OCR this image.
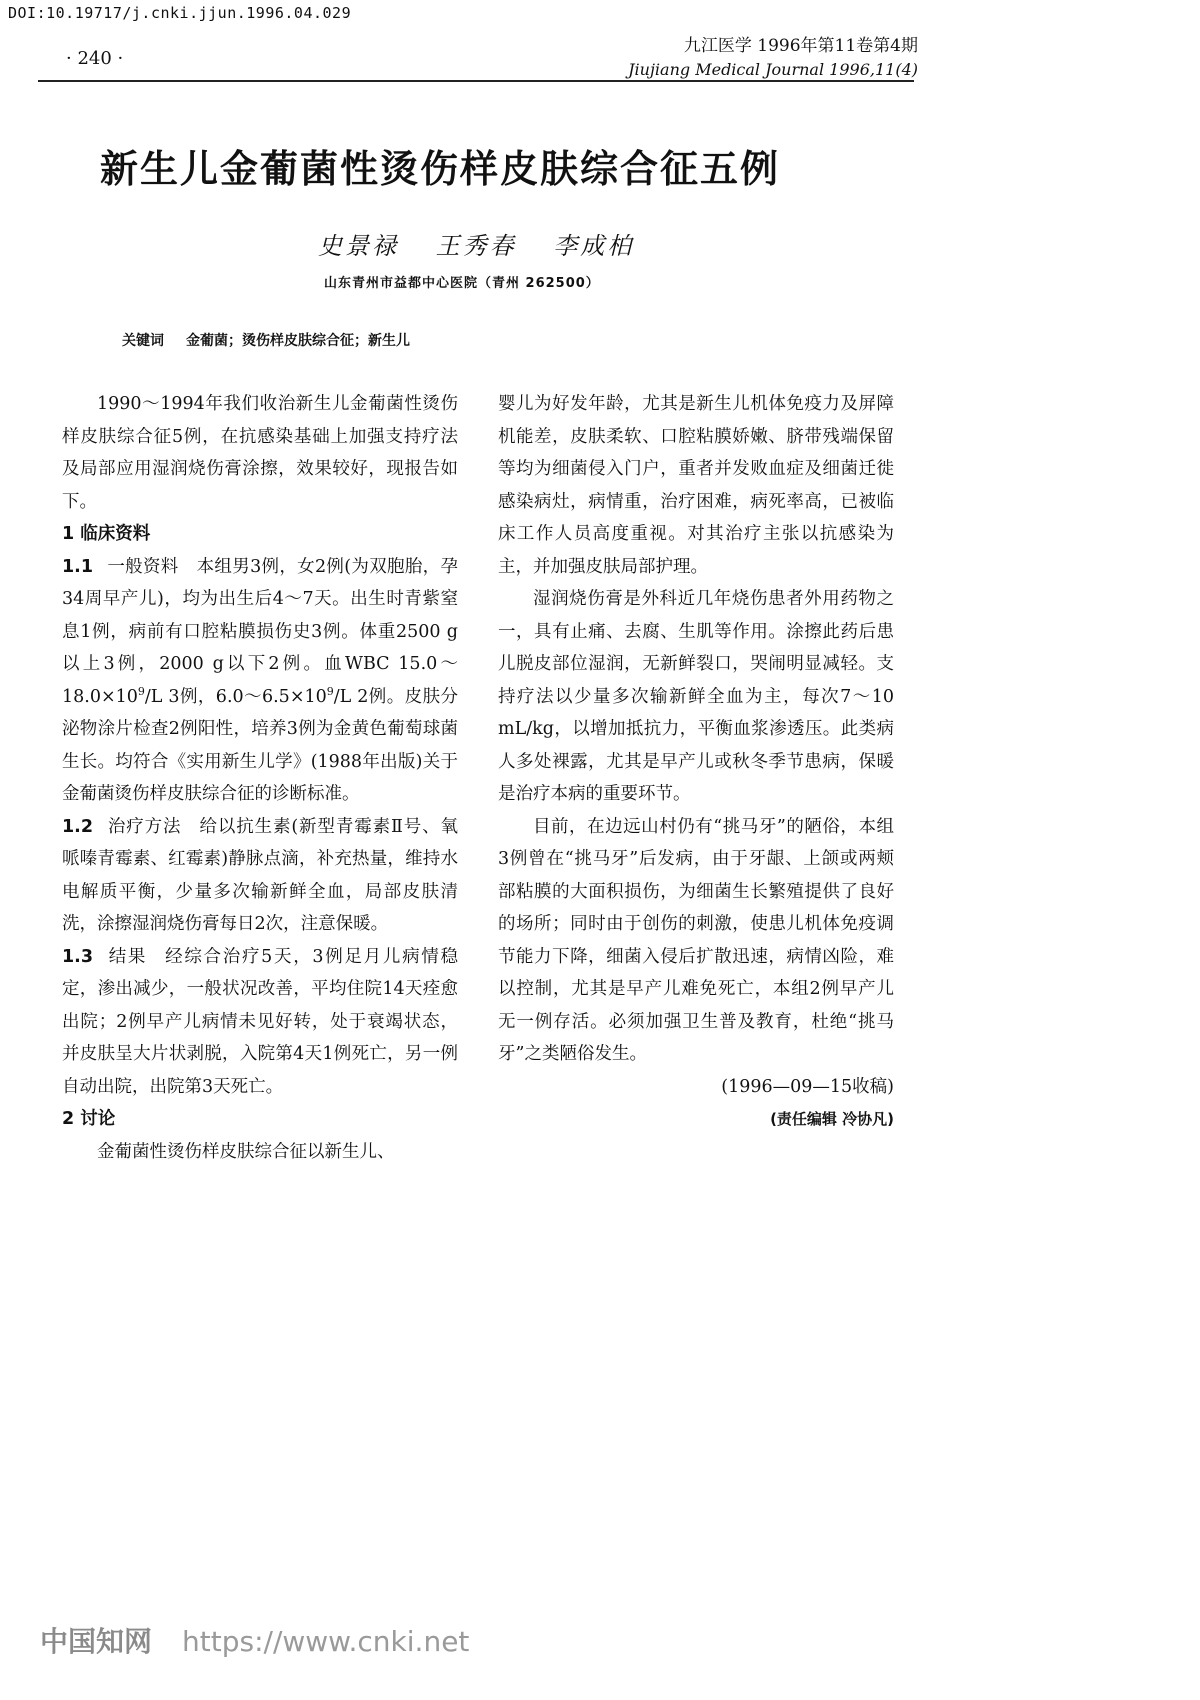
DOI:10.19717/j.cnki.jjun.1996.04.029
· 240 ·
九江医学 1996年第11卷第4期
Jiujiang Medical Journal 1996,11(4)
新生儿金葡菌性烫伤样皮肤综合征五例
史景禄 王秀春 李成柏
山东青州市益都中心医院（青州 262500）
关键词 金葡菌；烫伤样皮肤综合征；新生儿

1990～1994年我们收治新生儿金葡菌性烫伤样皮肤综合征5例，在抗感染基础上加强支持疗法及局部应用湿润烧伤膏涂擦，效果较好，现报告如下。

1 临床资料

1.1 一般资料 本组男3例，女2例(为双胞胎，孕34周早产儿)，均为出生后4～7天。出生时青紫窒息1例，病前有口腔粘膜损伤史3例。体重2500 g以上3例，2000 g以下2例。血WBC $15.0\sim 18.0\times 10^9/L$ 3例，$6.0\sim 6.5\times 10^9/L$ 2例。皮肤分泌物涂片检查2例阳性，培养3例为金黄色葡萄球菌生长。均符合《实用新生儿学》(1988年出版)关于金葡菌烫伤样皮肤综合征的诊断标准。

1.2 治疗方法 给以抗生素(新型青霉素Ⅱ号、氧哌嗪青霉素、红霉素)静脉点滴，补充热量，维持水电解质平衡，少量多次输新鲜全血，局部皮肤清洗，涂擦湿润烧伤膏每日2次，注意保暖。

1.3 结果 经综合治疗5天，3例足月儿病情稳定，渗出减少，一般状况改善，平均住院14天痊愈出院；2例早产儿病情未见好转，处于衰竭状态，并皮肤呈大片状剥脱，入院第4天1例死亡，另一例自动出院，出院第3天死亡。

2 讨论

金葡菌性烫伤样皮肤综合征以新生儿、

婴儿为好发年龄，尤其是新生儿机体免疫力及屏障机能差，皮肤柔软、口腔粘膜娇嫩、脐带残端保留等均为细菌侵入门户，重者并发败血症及细菌迁徙感染病灶，病情重，治疗困难，病死率高，已被临床工作人员高度重视。对其治疗主张以抗感染为主，并加强皮肤局部护理。

湿润烧伤膏是外科近几年烧伤患者外用药物之一，具有止痛、去腐、生肌等作用。涂擦此药后患儿脱皮部位湿润，无新鲜裂口，哭闹明显减轻。支持疗法以少量多次输新鲜全血为主，每次7～10 mL/kg，以增加抵抗力，平衡血浆渗透压。此类病人多处裸露，尤其是早产儿或秋冬季节患病，保暖是治疗本病的重要环节。

目前，在边远山村仍有“挑马牙”的陋俗，本组3例曾在“挑马牙”后发病，由于牙龈、上颌或两颊部粘膜的大面积损伤，为细菌生长繁殖提供了良好的场所；同时由于创伤的刺激，使患儿机体免疫调节能力下降，细菌入侵后扩散迅速，病情凶险，难以控制，尤其是早产儿难免死亡，本组2例早产儿无一例存活。必须加强卫生普及教育，杜绝“挑马牙”之类陋俗发生。

(1996—09—15收稿)

(责任编辑 冷协凡)

中国知网 https://www.cnki.net
